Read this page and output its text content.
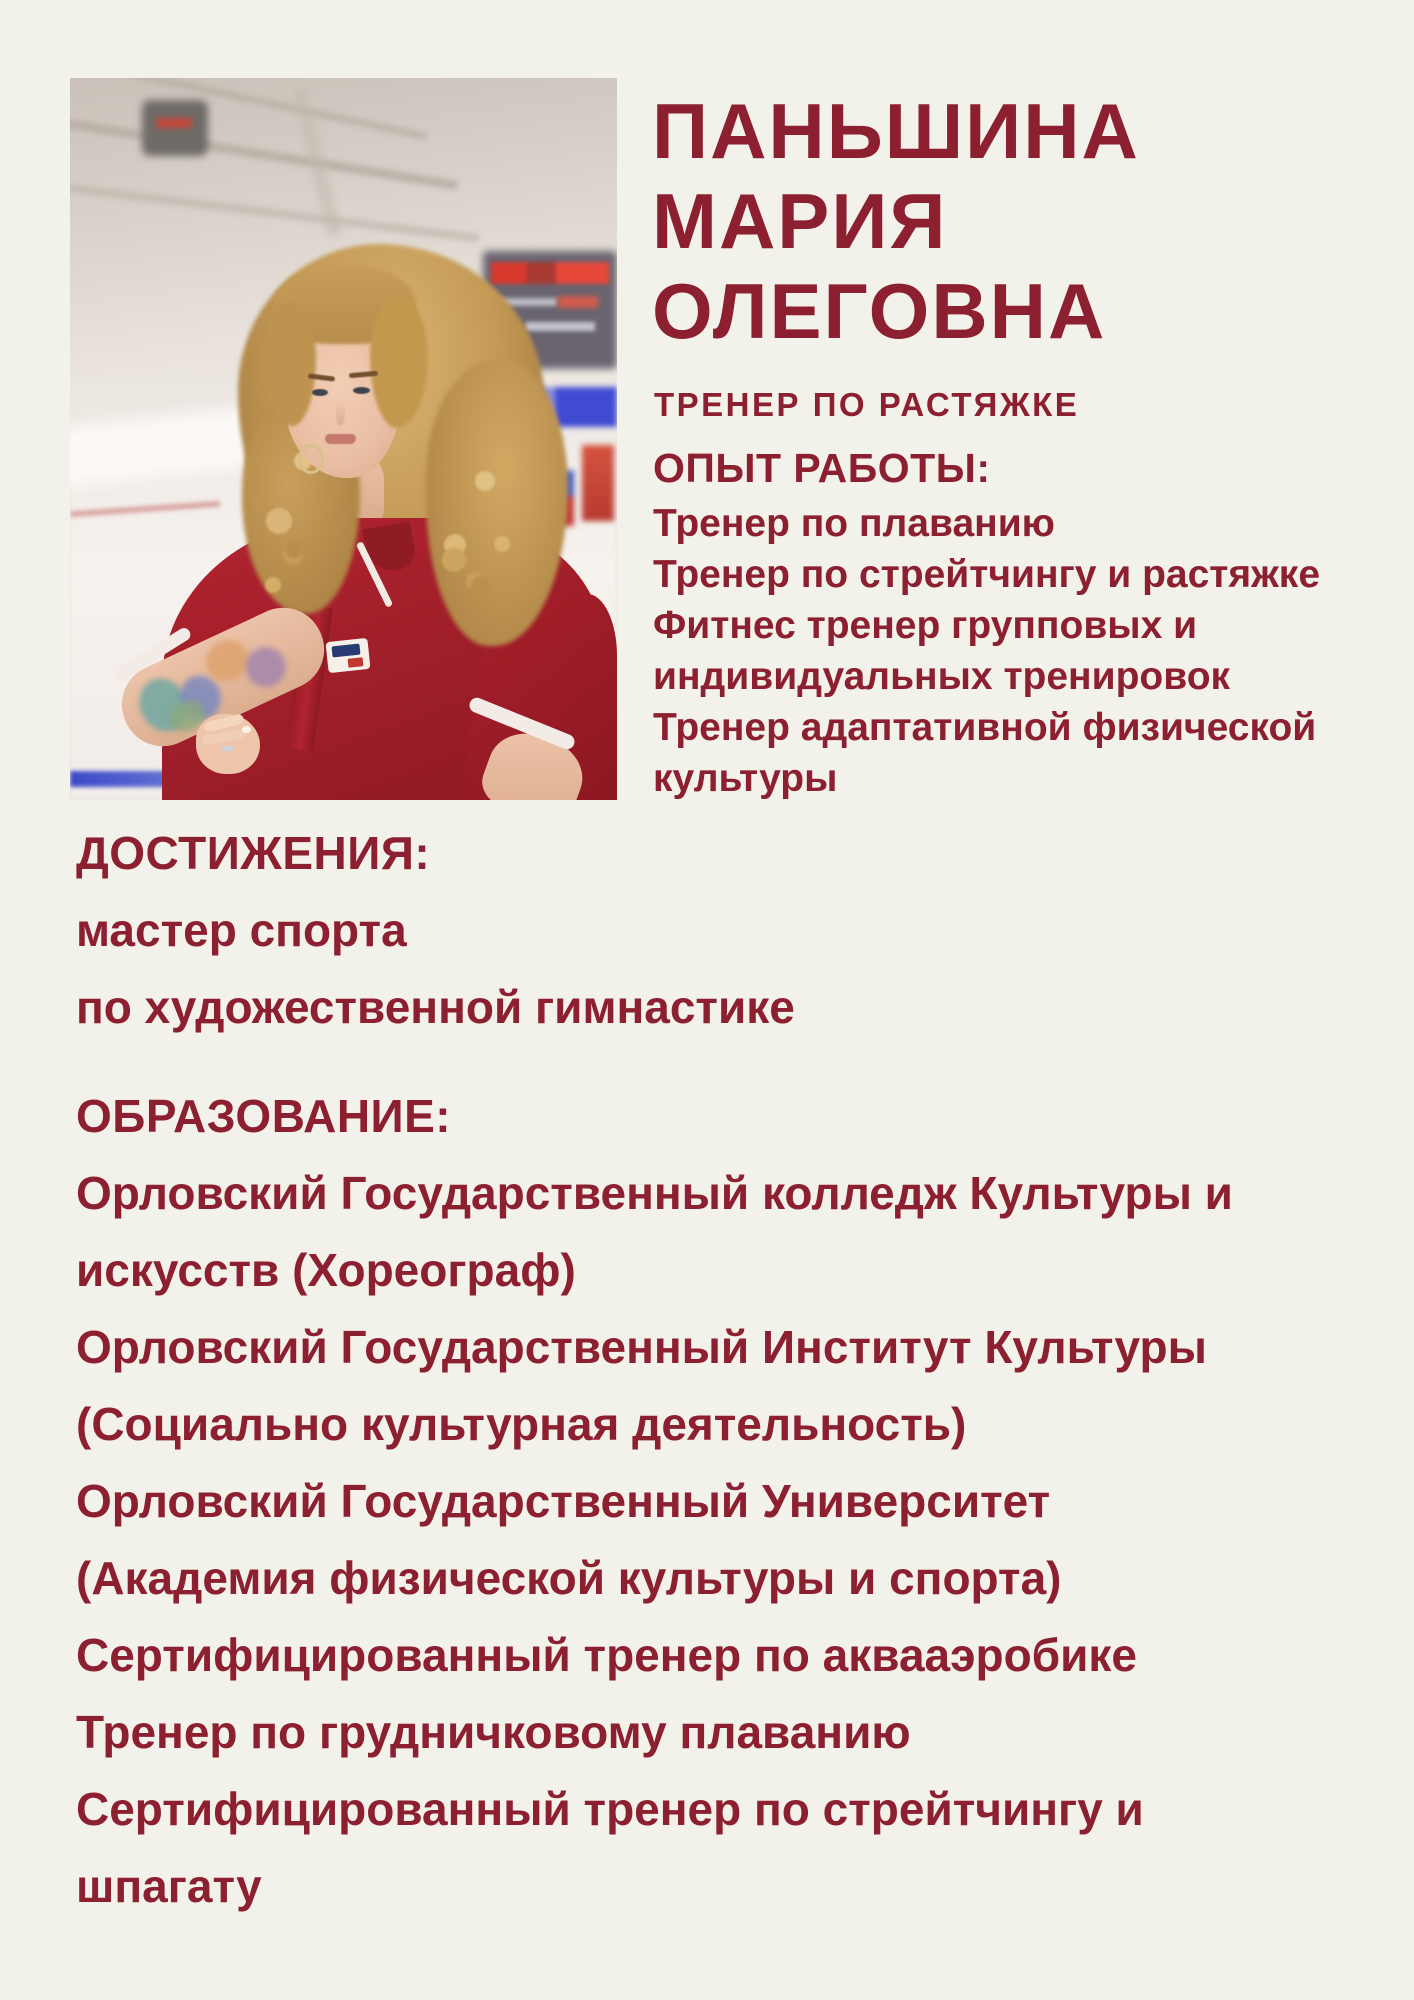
ПАНЬШИНА
МАРИЯ
ОЛЕГОВНА
ТРЕНЕР ПО РАСТЯЖКЕ
ОПЫТ РАБОТЫ:
Тренер по плаванию
Тренер по стрейтчингу и растяжке
Фитнес тренер групповых и
индивидуальных тренировок
Тренер адаптативной физической
культуры
ДОСТИЖЕНИЯ:
мастер спорта
по художественной гимнастике
ОБРАЗОВАНИЕ:
Орловский Государственный колледж Культуры и
искусств (Хореограф)
Орловский Государственный Институт Культуры
(Социально культурная деятельность)
Орловский Государственный Университет
(Академия физической культуры и спорта)
Сертифицированный тренер по аквааэробике
Тренер по грудничковому плаванию
Сертифицированный тренер по стрейтчингу и
шпагату
